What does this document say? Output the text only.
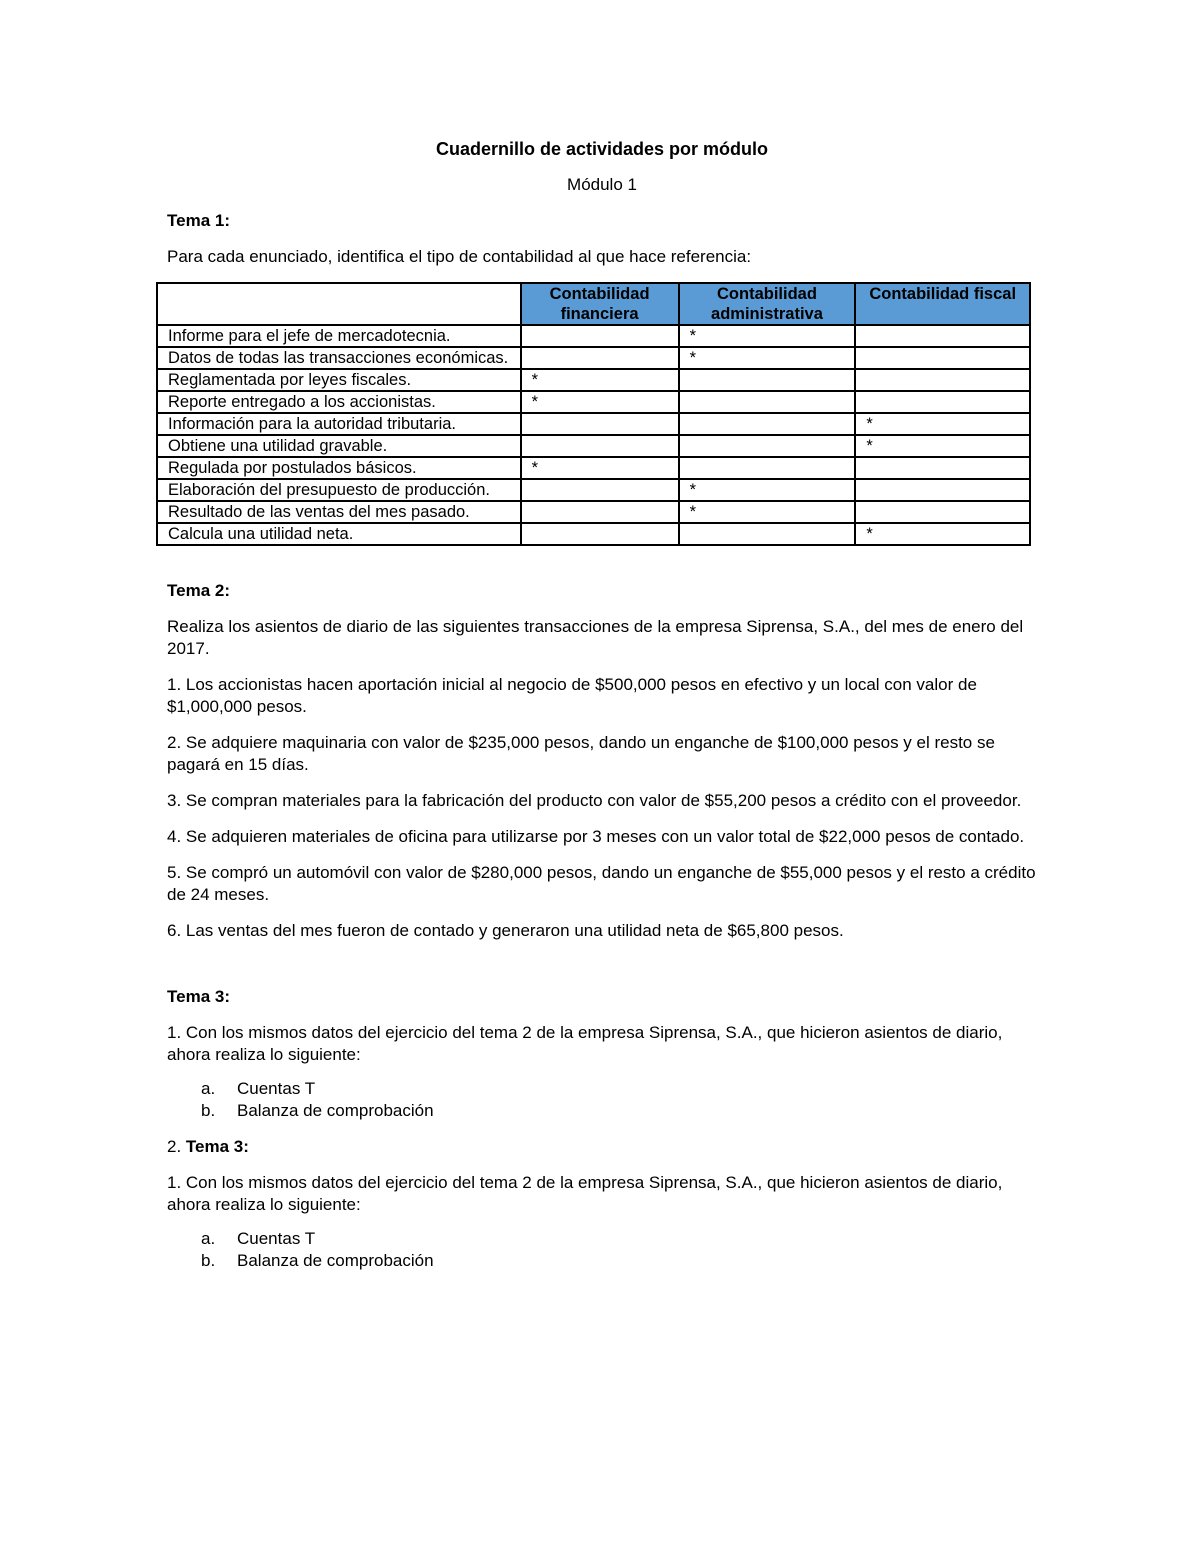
Cuadernillo de actividades por módulo
Módulo 1
Tema 1:

Para cada enunciado, identifica el tipo de contabilidad al que hace referencia:

	Contabilidad financiera	Contabilidad administrativa	Contabilidad fiscal
Informe para el jefe de mercadotecnia.		*	
Datos de todas las transacciones económicas.		*	
Reglamentada por leyes fiscales.	*		
Reporte entregado a los accionistas.	*		
Información para la autoridad tributaria.			*
Obtiene una utilidad gravable.			*
Regulada por postulados básicos.	*		
Elaboración del presupuesto de producción.		*	
Resultado de las ventas del mes pasado.		*	
Calcula una utilidad neta.			*
Tema 2:

Realiza los asientos de diario de las siguientes transacciones de la empresa Siprensa, S.A., del mes de enero del 2017.

1. Los accionistas hacen aportación inicial al negocio de $500,000 pesos en efectivo y un local con valor de $1,000,000 pesos.

2. Se adquiere maquinaria con valor de $235,000 pesos, dando un enganche de $100,000 pesos y el resto se pagará en 15 días.

3. Se compran materiales para la fabricación del producto con valor de $55,200 pesos a crédito con el proveedor.

4. Se adquieren materiales de oficina para utilizarse por 3 meses con un valor total de $22,000 pesos de contado.

5. Se compró un automóvil con valor de $280,000 pesos, dando un enganche de $55,000 pesos y el resto a crédito de 24 meses.

6. Las ventas del mes fueron de contado y generaron una utilidad neta de $65,800 pesos.

Tema 3:

1. Con los mismos datos del ejercicio del tema 2 de la empresa Siprensa, S.A., que hicieron asientos de diario, ahora realiza lo siguiente:

a.	Cuentas T
b.	Balanza de comprobación

2. Tema 3:

1. Con los mismos datos del ejercicio del tema 2 de la empresa Siprensa, S.A., que hicieron asientos de diario, ahora realiza lo siguiente:

a.	Cuentas T
b.	Balanza de comprobación
